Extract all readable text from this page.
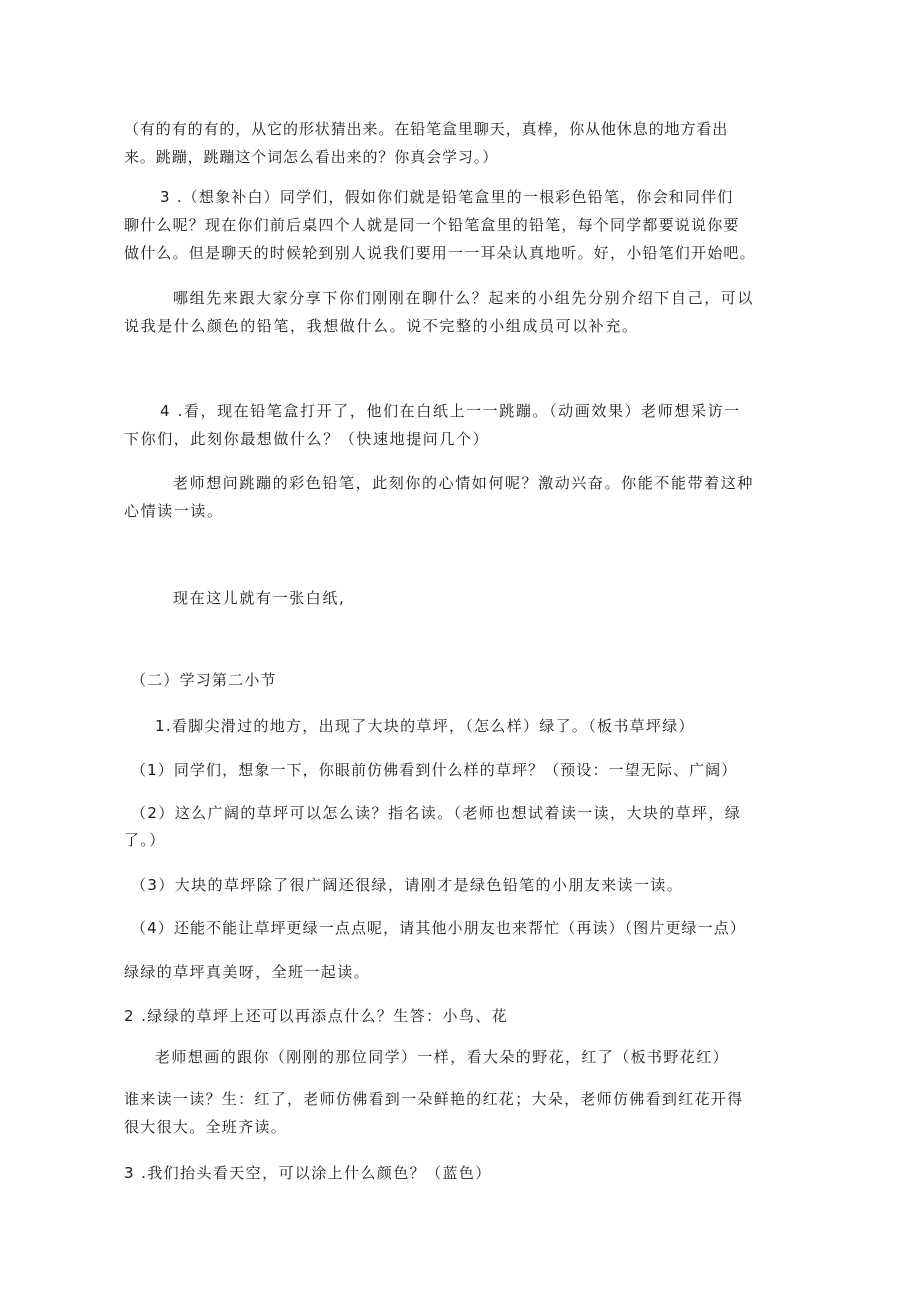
（有的有的有的，从它的形状猜出来。在铅笔盒里聊天，真棒，你从他休息的地方看出
来。跳蹦，跳蹦这个词怎么看出来的？你真会学习。）
3 .（想象补白）同学们，假如你们就是铅笔盒里的一根彩色铅笔，你会和同伴们
聊什么呢？现在你们前后桌四个人就是同一个铅笔盒里的铅笔，每个同学都要说说你要
做什么。但是聊天的时候轮到别人说我们要用一一耳朵认真地听。好，小铅笔们开始吧。
哪组先来跟大家分享下你们刚刚在聊什么？起来的小组先分别介绍下自己，可以
说我是什么颜色的铅笔，我想做什么。说不完整的小组成员可以补充。
4 .看，现在铅笔盒打开了，他们在白纸上一一跳蹦。（动画效果）老师想采访一
下你们，此刻你最想做什么？（快速地提问几个）
老师想问跳蹦的彩色铅笔，此刻你的心情如何呢？激动兴奋。你能不能带着这种
心情读一读。
现在这儿就有一张白纸,
（二）学习第二小节
1.看脚尖滑过的地方，出现了大块的草坪，（怎么样）绿了。（板书草坪绿）
（1）同学们，想象一下，你眼前仿佛看到什么样的草坪？（预设：一望无际、广阔）
（2）这么广阔的草坪可以怎么读？指名读。（老师也想试着读一读，大块的草坪，绿
了。）
（3）大块的草坪除了很广阔还很绿，请刚才是绿色铅笔的小朋友来读一读。
（4）还能不能让草坪更绿一点点呢，请其他小朋友也来帮忙（再读）（图片更绿一点）
绿绿的草坪真美呀，全班一起读。
2 .绿绿的草坪上还可以再添点什么？生答：小鸟、花
老师想画的跟你（刚刚的那位同学）一样，看大朵的野花，红了（板书野花红）
谁来读一读？生：红了，老师仿佛看到一朵鲜艳的红花；大朵，老师仿佛看到红花开得
很大很大。全班齐读。
3 .我们抬头看天空，可以涂上什么颜色？（蓝色）
